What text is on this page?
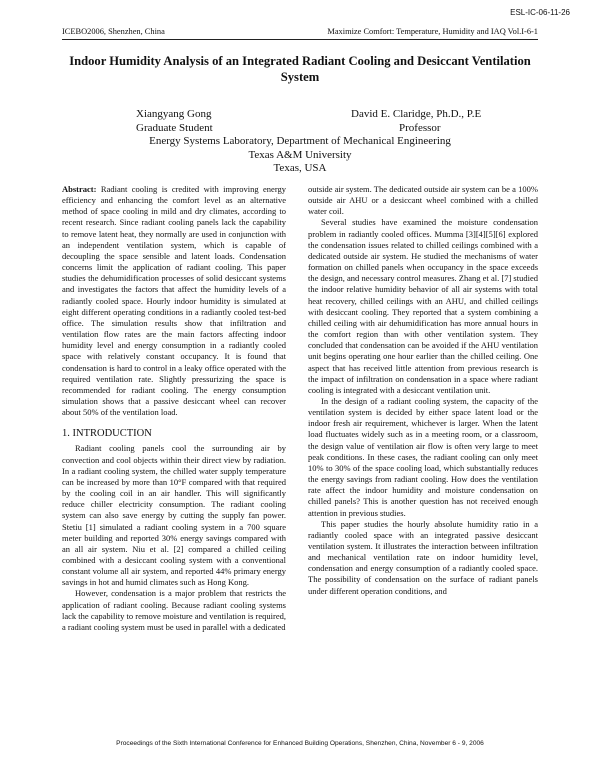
ESL-IC-06-11-26
ICEBO2006, Shenzhen, China	Maximize Comfort: Temperature, Humidity and IAQ Vol.I-6-1
Indoor Humidity Analysis of an Integrated Radiant Cooling and Desiccant Ventilation System
Xiangyang Gong	David E. Claridge, Ph.D., P.E
Graduate Student	Professor
Energy Systems Laboratory, Department of Mechanical Engineering
Texas A&M University
Texas, USA

Abstract: Radiant cooling is credited with improving energy efficiency and enhancing the comfort level as an alternative method of space cooling in mild and dry climates, according to recent research. Since radiant cooling panels lack the capability to remove latent heat, they normally are used in conjunction with an independent ventilation system, which is capable of decoupling the space sensible and latent loads. Condensation concerns limit the application of radiant cooling. This paper studies the dehumidification processes of solid desiccant systems and investigates the factors that affect the humidity levels of a radiantly cooled space. Hourly indoor humidity is simulated at eight different operating conditions in a radiantly cooled test-bed office. The simulation results show that infiltration and ventilation flow rates are the main factors affecting indoor humidity level and energy consumption in a radiantly cooled space with relatively constant occupancy. It is found that condensation is hard to control in a leaky office operated with the required ventilation rate. Slightly pressurizing the space is recommended for radiant cooling. The energy consumption simulation shows that a passive desiccant wheel can recover about 50% of the ventilation load.

1. INTRODUCTION

Radiant cooling panels cool the surrounding air by convection and cool objects within their direct view by radiation. In a radiant cooling system, the chilled water supply temperature can be increased by more than 10°F compared with that required by the cooling coil in an air handler. This will significantly reduce chiller electricity consumption. The radiant cooling system can also save energy by cutting the supply fan power. Stetiu [1] simulated a radiant cooling system in a 700 square meter building and reported 30% energy savings compared with an all air system. Niu et al. [2] compared a chilled ceiling combined with a desiccant cooling system with a conventional constant volume all air system, and reported 44% primary energy savings in hot and humid climates such as Hong Kong.

However, condensation is a major problem that restricts the application of radiant cooling. Because radiant cooling systems lack the capability to remove moisture and ventilation is required, a radiant cooling system must be used in parallel with a dedicated

outside air system. The dedicated outside air system can be a 100% outside air AHU or a desiccant wheel combined with a chilled water coil.

Several studies have examined the moisture condensation problem in radiantly cooled offices. Mumma [3][4][5][6] explored the condensation issues related to chilled ceilings combined with a dedicated outside air system. He studied the mechanisms of water formation on chilled panels when occupancy in the space exceeds the design, and necessary control measures. Zhang et al. [7] studied the indoor relative humidity behavior of all air systems with total heat recovery, chilled ceilings with an AHU, and chilled ceilings with desiccant cooling. They reported that a system combining a chilled ceiling with air dehumidification has more annual hours in the comfort region than with other ventilation system. They concluded that condensation can be avoided if the AHU ventilation unit begins operating one hour earlier than the chilled ceiling. One aspect that has received little attention from previous research is the impact of infiltration on condensation in a space where radiant cooling is integrated with a desiccant ventilation unit.

In the design of a radiant cooling system, the capacity of the ventilation system is decided by either space latent load or the indoor fresh air requirement, whichever is larger. When the latent load fluctuates widely such as in a meeting room, or a classroom, the design value of ventilation air flow is often very large to meet peak conditions. In these cases, the radiant cooling can only meet 10% to 30% of the space cooling load, which substantially reduces the energy savings from radiant cooling. How does the ventilation rate affect the indoor humidity and moisture condensation on chilled panels? This is another question has not received enough attention in previous studies.

This paper studies the hourly absolute humidity ratio in a radiantly cooled space with an integrated passive desiccant ventilation system. It illustrates the interaction between infiltration and mechanical ventilation rate on indoor humidity level, condensation and energy consumption of a radiantly cooled space. The possibility of condensation on the surface of radiant panels under different operation conditions, and

Proceedings of the Sixth International Conference for Enhanced Building Operations, Shenzhen, China, November 6 - 9, 2006
